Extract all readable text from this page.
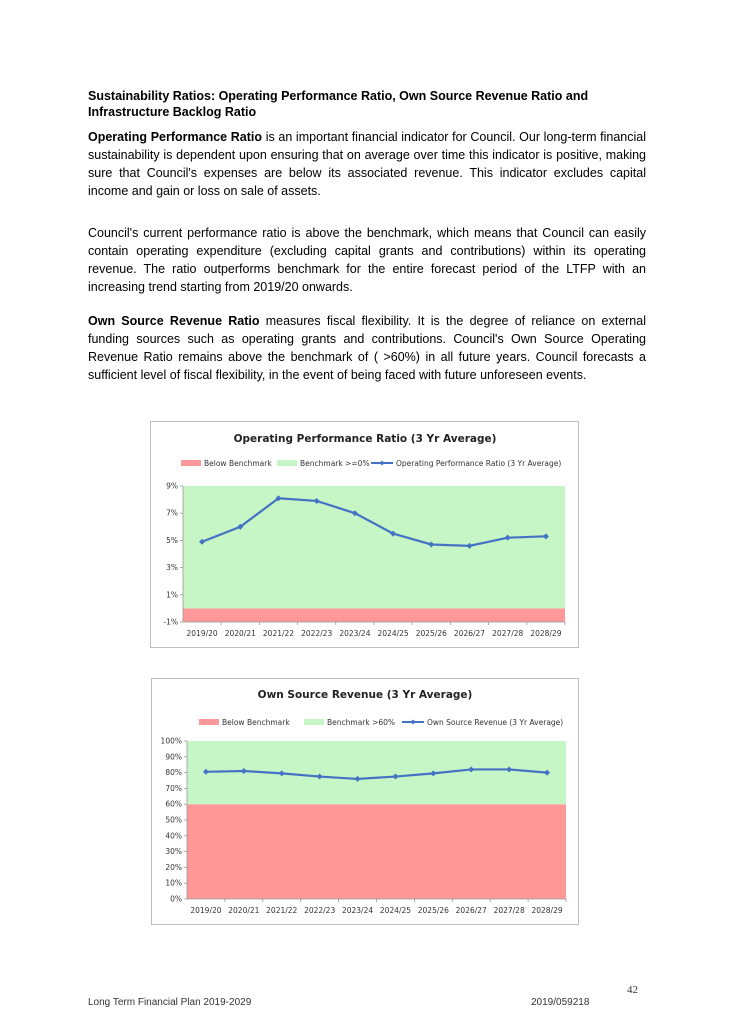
Sustainability Ratios: Operating Performance Ratio, Own Source Revenue Ratio and Infrastructure Backlog Ratio
Operating Performance Ratio is an important financial indicator for Council. Our long-term financial sustainability is dependent upon ensuring that on average over time this indicator is positive, making sure that Council's expenses are below its associated revenue. This indicator excludes capital income and gain or loss on sale of assets.
Council's current performance ratio is above the benchmark, which means that Council can easily contain operating expenditure (excluding capital grants and contributions) within its operating revenue. The ratio outperforms benchmark for the entire forecast period of the LTFP with an increasing trend starting from 2019/20 onwards.
Own Source Revenue Ratio measures fiscal flexibility. It is the degree of reliance on external funding sources such as operating grants and contributions. Council's Own Source Operating Revenue Ratio remains above the benchmark of ( >60%) in all future years. Council forecasts a sufficient level of fiscal flexibility, in the event of being faced with future unforeseen events.
Operating Performance Ratio (3 Yr Average)
9%
7%
5%
3%
1%
-1%
2019/20 2020/21 2021/22 2022/23 2023/24 2024/25 2025/26 2026/27 2027/28 2028/29
Below Benchmark	Benchmark >=0%	Operating Performance Ratio (3 Yr Average)
Own Source Revenue (3 Yr Average)
100%
90%
80%
70%
60%
50%
40%
30%
20%
10%
0%
2019/20 2020/21 2021/22 2022/23 2023/24 2024/25 2025/26 2026/27 2027/28 2028/29
Below Benchmark	Benchmark >60%	Own Source Revenue (3 Yr Average)
42
Long Term Financial Plan 2019-2029	2019/059218
